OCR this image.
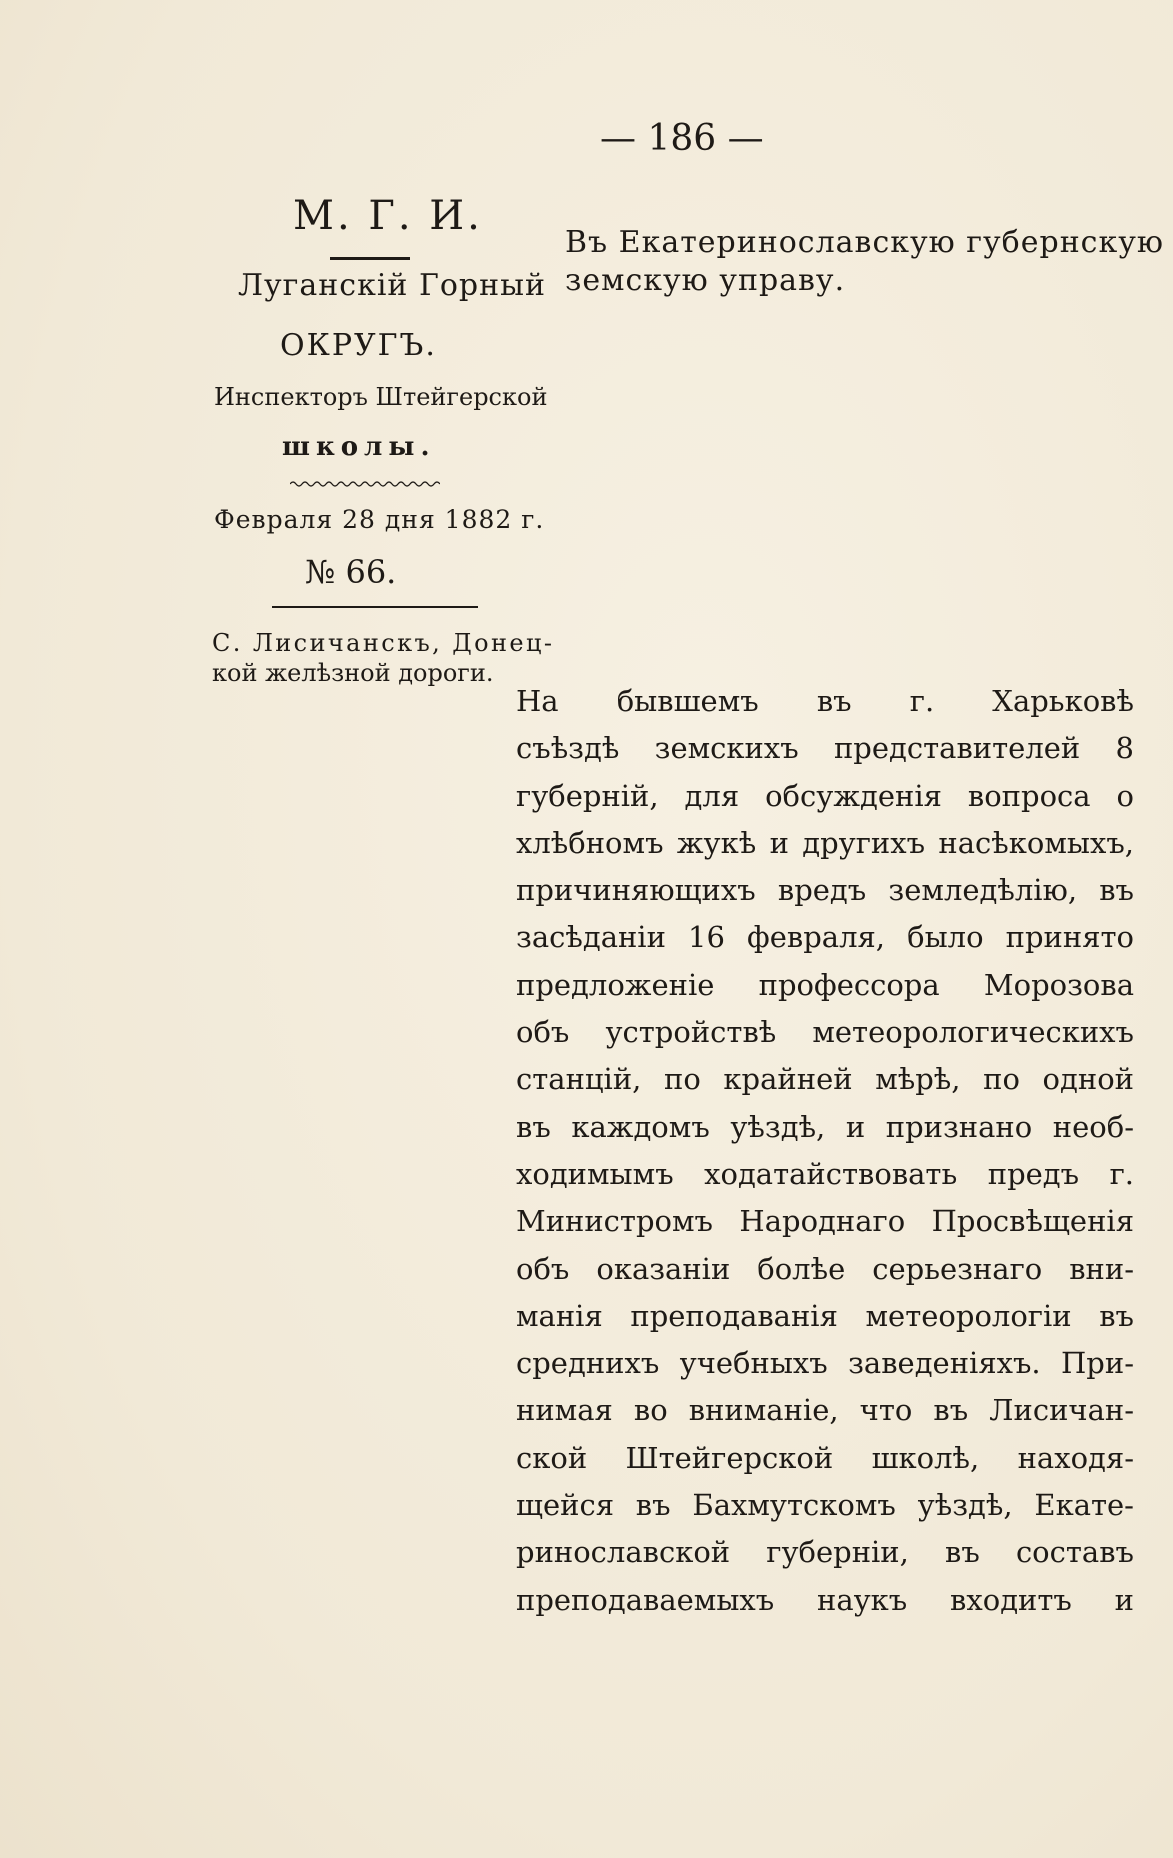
— 186 —
М. Г. И.
Луганскій Горный
ОКРУГЪ.
Инспекторъ Штейгерской
школы.
Февраля 28 дня 1882 г.
№ 66.
С. Лисичанскъ, Донец-
кой желѣзной дороги.
Въ Екатеринославскую губернскую
земскую управу.
На бывшемъ въ г. Харьковѣ
съѣздѣ земскихъ представителей 8
губерній, для обсужденія вопроса о
хлѣбномъ жукѣ и другихъ насѣкомыхъ,
причиняющихъ вредъ земледѣлію, въ
засѣданіи 16 февраля, было принято
предложеніе профессора Морозова
объ устройствѣ метеорологическихъ
станцій, по крайней мѣрѣ, по одной
въ каждомъ уѣздѣ, и признано необ-
ходимымъ ходатайствовать предъ г.
Министромъ Народнаго Просвѣщенія
объ оказаніи болѣе серьезнаго вни-
манія преподаванія метеорологіи въ
среднихъ учебныхъ заведеніяхъ. При-
нимая во вниманіе, что въ Лисичан-
ской Штейгерской школѣ, находя-
щейся въ Бахмутскомъ уѣздѣ, Екате-
ринославской губерніи, въ составъ
преподаваемыхъ наукъ входитъ и
